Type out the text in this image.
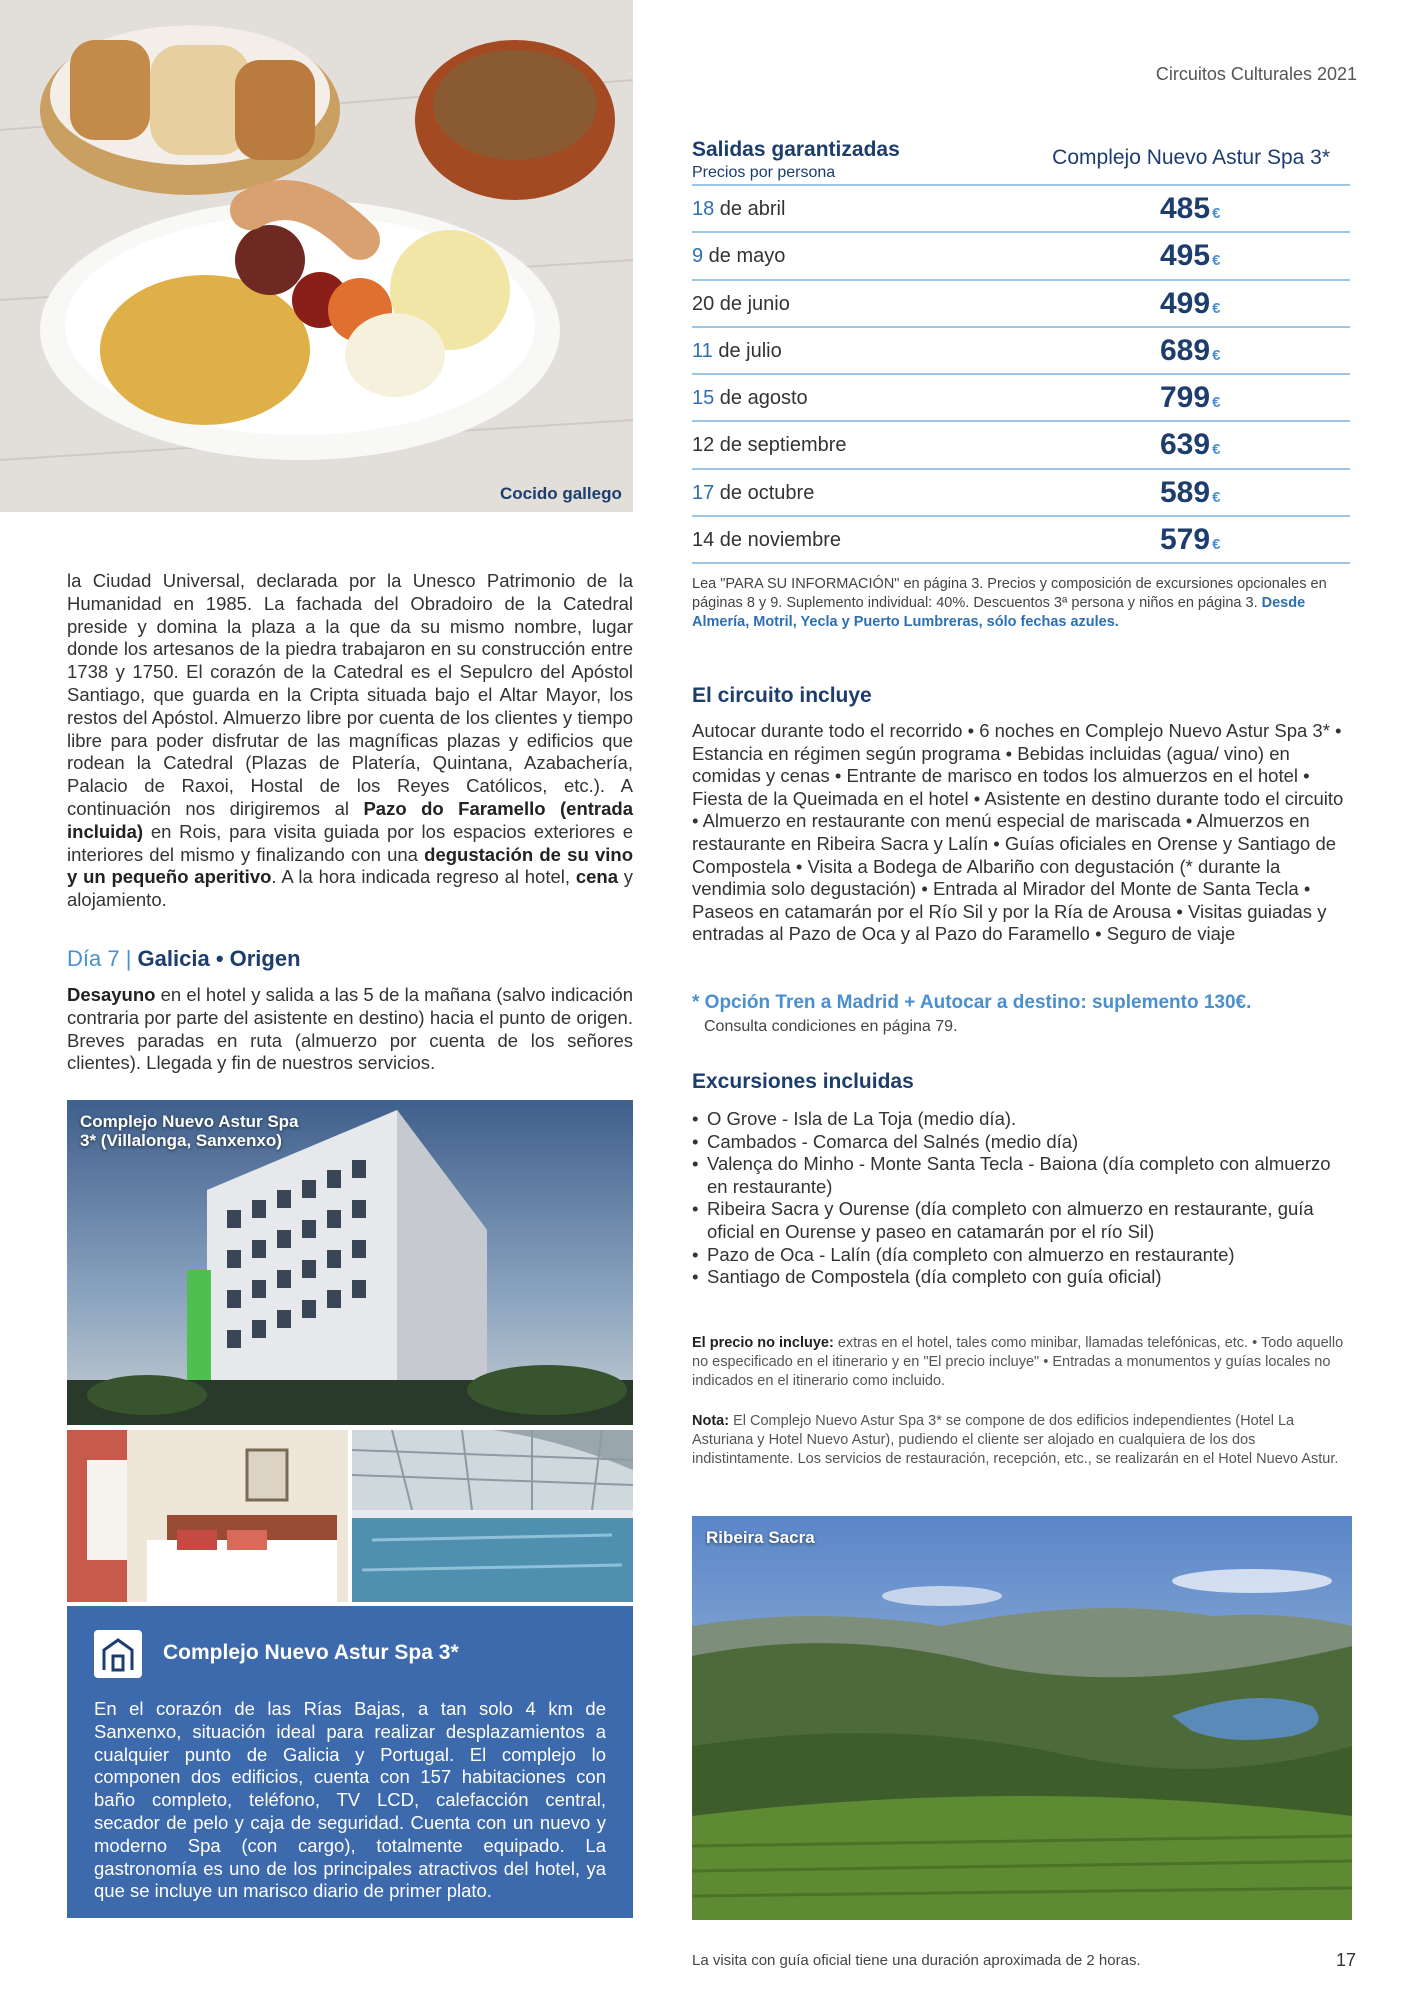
Circuitos Culturales 2021
Cocido gallego
la Ciudad Universal, declarada por la Unesco Patrimonio de la Humanidad en 1985. La fachada del Obradoiro de la Catedral preside y domina la plaza a la que da su mismo nombre, lugar donde los artesanos de la piedra trabajaron en su construcción entre 1738 y 1750. El corazón de la Catedral es el Sepulcro del Apóstol Santiago, que guarda en la Cripta situada bajo el Altar Mayor, los restos del Apóstol. Almuerzo libre por cuenta de los clientes y tiempo libre para poder disfrutar de las magníficas plazas y edificios que rodean la Catedral (Plazas de Platería, Quintana, Azabachería, Palacio de Raxoi, Hostal de los Reyes Católicos, etc.). A continuación nos dirigiremos al Pazo do Faramello (entrada incluida) en Rois, para visita guiada por los espacios exteriores e interiores del mismo y finalizando con una degustación de su vino y un pequeño aperitivo. A la hora indicada regreso al hotel, cena y alojamiento.
Día 7 | Galicia • Origen
Desayuno en el hotel y salida a las 5 de la mañana (salvo indicación contraria por parte del asistente en destino) hacia el punto de origen. Breves paradas en ruta (almuerzo por cuenta de los señores clientes). Llegada y fin de nuestros servicios.
Complejo Nuevo Astur Spa 3* (Villalonga, Sanxenxo)
Complejo Nuevo Astur Spa 3*
En el corazón de las Rías Bajas, a tan solo 4 km de Sanxenxo, situación ideal para realizar desplazamientos a cualquier punto de Galicia y Portugal. El complejo lo componen dos edificios, cuenta con 157 habitaciones con baño completo, teléfono, TV LCD, calefacción central, secador de pelo y caja de seguridad. Cuenta con un nuevo y moderno Spa (con cargo), totalmente equipado. La gastronomía es uno de los principales atractivos del hotel, ya que se incluye un marisco diario de primer plato.
Salidas garantizadas
Precios por persona
Complejo Nuevo Astur Spa 3*
18 de abril	485 €
9 de mayo	495 €
20 de junio	499 €
11 de julio	689 €
15 de agosto	799 €
12 de septiembre	639 €
17 de octubre	589 €
14 de noviembre	579 €
Lea "PARA SU INFORMACIÓN" en página 3. Precios y composición de excursiones opcionales en páginas 8 y 9. Suplemento individual: 40%. Descuentos 3ª persona y niños en página 3. Desde Almería, Motril, Yecla y Puerto Lumbreras, sólo fechas azules.
El circuito incluye
Autocar durante todo el recorrido • 6 noches en Complejo Nuevo Astur Spa 3* • Estancia en régimen según programa • Bebidas incluidas (agua/ vino) en comidas y cenas • Entrante de marisco en todos los almuerzos en el hotel • Fiesta de la Queimada en el hotel • Asistente en destino durante todo el circuito • Almuerzo en restaurante con menú especial de mariscada • Almuerzos en restaurante en Ribeira Sacra y Lalín • Guías oficiales en Orense y Santiago de Compostela • Visita a Bodega de Albariño con degustación (* durante la vendimia solo degustación) • Entrada al Mirador del Monte de Santa Tecla • Paseos en catamarán por el Río Sil y por la Ría de Arousa • Visitas guiadas y entradas al Pazo de Oca y al Pazo do Faramello • Seguro de viaje
* Opción Tren a Madrid + Autocar a destino: suplemento 130€.
Consulta condiciones en página 79.
Excursiones incluidas
• O Grove - Isla de La Toja (medio día).
• Cambados - Comarca del Salnés (medio día)
• Valença do Minho - Monte Santa Tecla - Baiona (día completo con almuerzo en restaurante)
• Ribeira Sacra y Ourense (día completo con almuerzo en restaurante, guía oficial en Ourense y paseo en catamarán por el río Sil)
• Pazo de Oca - Lalín (día completo con almuerzo en restaurante)
• Santiago de Compostela (día completo con guía oficial)
El precio no incluye: extras en el hotel, tales como minibar, llamadas telefónicas, etc. • Todo aquello no especificado en el itinerario y en "El precio incluye" • Entradas a monumentos y guías locales no indicados en el itinerario como incluido.
Nota: El Complejo Nuevo Astur Spa 3* se compone de dos edificios independientes (Hotel La Asturiana y Hotel Nuevo Astur), pudiendo el cliente ser alojado en cualquiera de los dos indistintamente. Los servicios de restauración, recepción, etc., se realizarán en el Hotel Nuevo Astur.
Ribeira Sacra
La visita con guía oficial tiene una duración aproximada de 2 horas.	17
